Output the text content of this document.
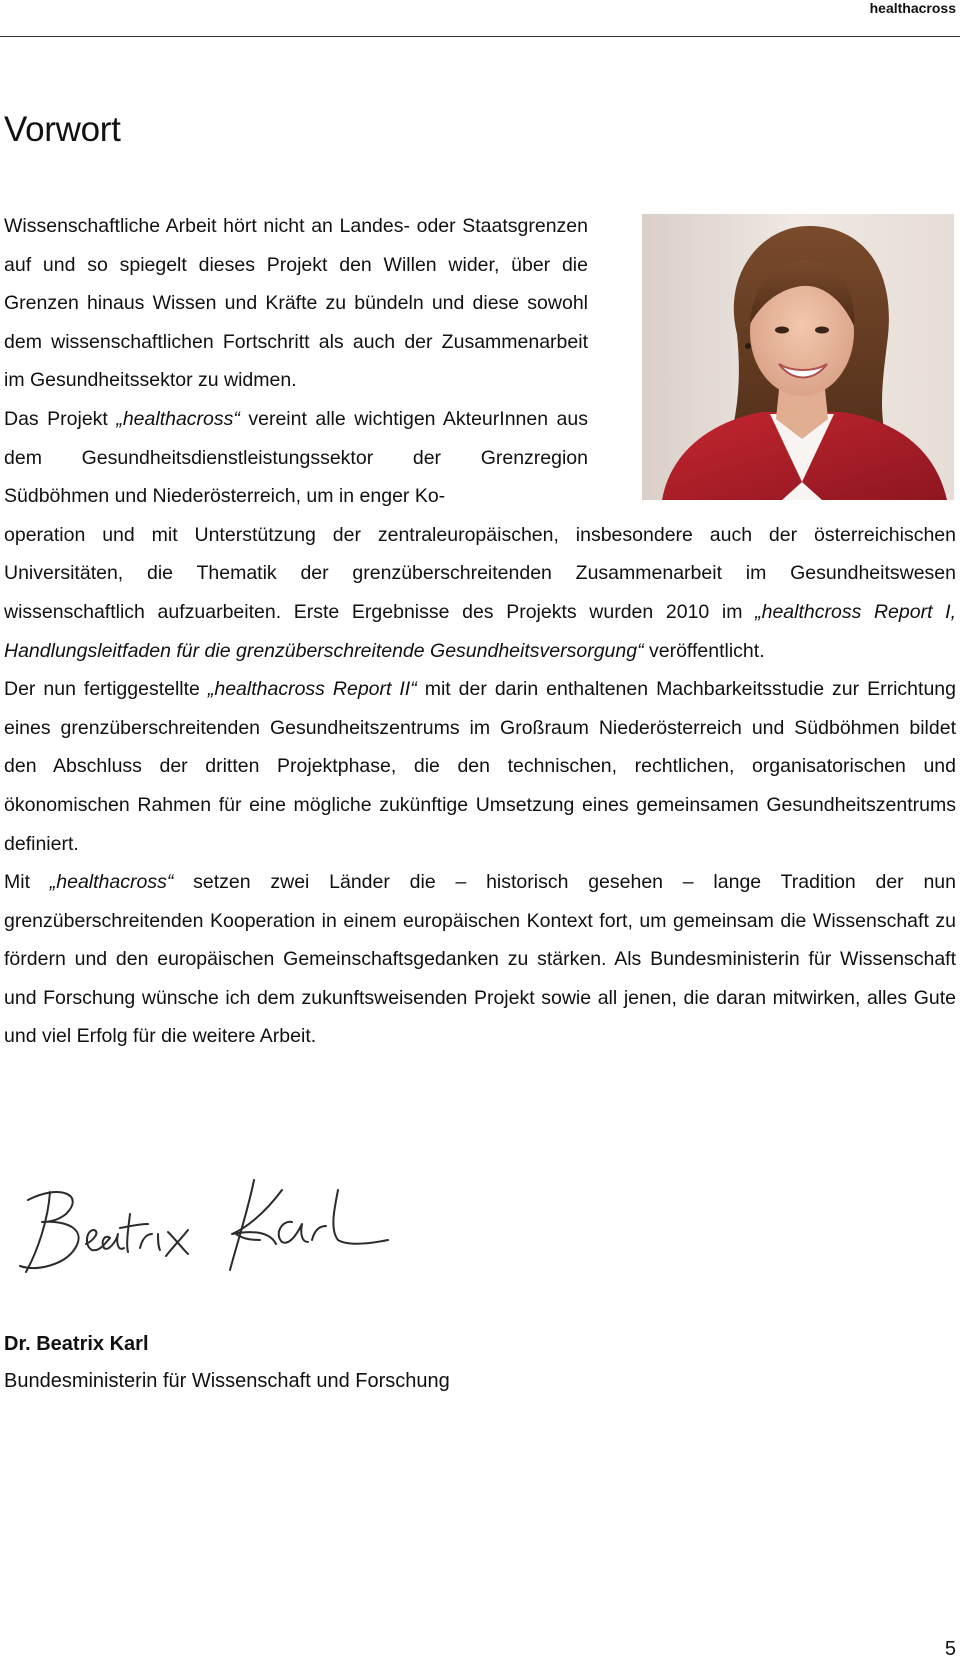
healthacross
Vorwort

Wissenschaftliche Arbeit hört nicht an Landes- oder Staatsgrenzen auf und so spiegelt dieses Projekt den Willen wider, über die Grenzen hinaus Wissen und Kräfte zu bündeln und diese sowohl dem wissenschaftlichen Fortschritt als auch der Zusammenarbeit im Gesundheitssektor zu widmen.

Das Projekt „healthacross“ vereint alle wichtigen AkteurInnen aus dem Gesundheitsdienstleistungssektor der Grenzregion Südböhmen und Niederösterreich, um in enger Ko-
operation und mit Unterstützung der zentraleuropäischen, insbesondere auch der österreichischen Universitäten, die Thematik der grenzüberschreitenden Zusammenarbeit im Gesundheitswesen wissenschaftlich aufzuarbeiten. Erste Ergebnisse des Projekts wurden 2010 im „healthcross Report I, Handlungsleitfaden für die grenzüberschreitende Gesundheitsversorgung“ veröffentlicht.

Der nun fertiggestellte „healthacross Report II“ mit der darin enthaltenen Machbarkeitsstudie zur Errichtung eines grenzüberschreitenden Gesundheitszentrums im Großraum Niederösterreich und Südböhmen bildet den Abschluss der dritten Projektphase, die den technischen, rechtlichen, organisatorischen und ökonomischen Rahmen für eine mögliche zukünftige Umsetzung eines gemeinsamen Gesundheitszentrums definiert.

Mit „healthacross“ setzen zwei Länder die – historisch gesehen – lange Tradition der nun grenzüberschreitenden Kooperation in einem europäischen Kontext fort, um gemeinsam die Wissenschaft zu fördern und den europäischen Gemeinschaftsgedanken zu stärken. Als Bundesministerin für Wissenschaft und Forschung wünsche ich dem zukunftsweisenden Projekt sowie all jenen, die daran mitwirken, alles Gute und viel Erfolg für die weitere Arbeit.

Dr. Beatrix Karl

Bundesministerin für Wissenschaft und Forschung

5
